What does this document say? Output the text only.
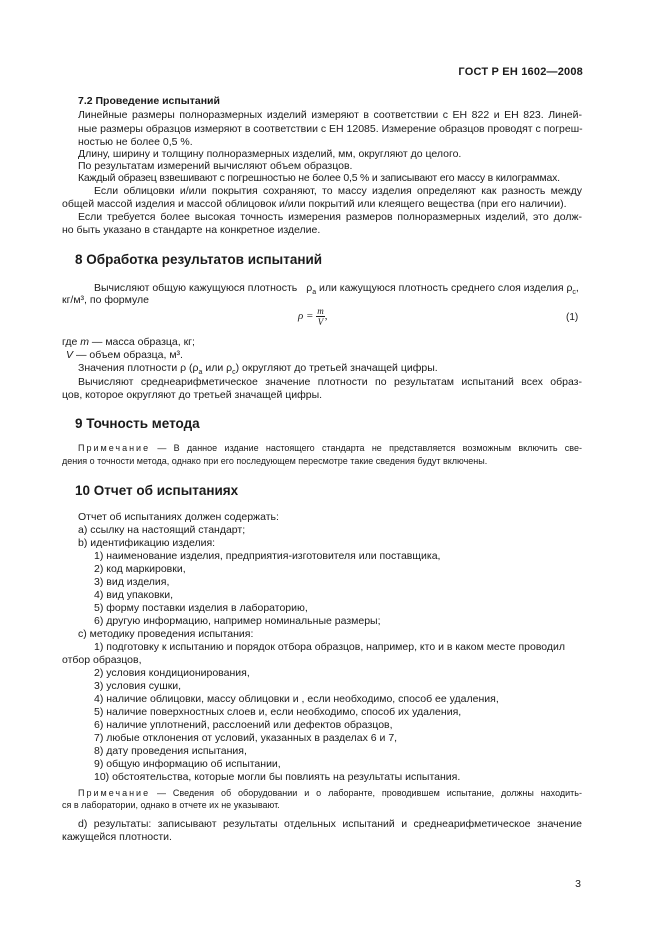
ГОСТ Р ЕН 1602—2008
7.2 Проведение испытаний
Линейные размеры полноразмерных изделий измеряют в соответствии с ЕН 822 и ЕН 823. Линей-
ные размеры образцов измеряют в соответствии с ЕН 12085. Измерение образцов проводят с погреш-
ностью не более 0,5 %.
Длину, ширину и толщину полноразмерных изделий, мм, округляют до целого.
По результатам измерений вычисляют объем образцов.
Каждый образец взвешивают с погрешностью не более 0,5 % и записывают его массу в килограммах.
Если облицовки и/или покрытия сохраняют, то массу изделия определяют как разность между
общей массой изделия и массой облицовок и/или покрытий или клеящего вещества (при его наличии).
Если требуется более высокая точность измерения размеров полноразмерных изделий, это долж-
но быть указано в стандарте на конкретное изделие.
8 Обработка результатов испытаний
Вычисляют общую кажущуюся плотность $\rho_a$ или кажущуюся плотность среднего слоя изделия $\rho_c$,
кг/м³, по формуле
$\rho = \frac{m}{V}$ ,	(1)
где m — масса образца, кг;
V — объем образца, м³.
Значения плотности ρ ($\rho_a$ или $\rho_c$) округляют до третьей значащей цифры.
Вычисляют среднеарифметическое значение плотности по результатам испытаний всех образ-
цов, которое округляют до третьей значащей цифры.
9 Точность метода
Примечание — В данное издание настоящего стандарта не представляется возможным включить све-
дения о точности метода, однако при его последующем пересмотре такие сведения будут включены.
10 Отчет об испытаниях
Отчет об испытаниях должен содержать:
a) ссылку на настоящий стандарт;
b) идентификацию изделия:
1) наименование изделия, предприятия-изготовителя или поставщика,
2) код маркировки,
3) вид изделия,
4) вид упаковки,
5) форму поставки изделия в лабораторию,
6) другую информацию, например номинальные размеры;
c) методику проведения испытания:
1) подготовку к испытанию и порядок отбора образцов, например, кто и в каком месте проводил
отбор образцов,
2) условия кондиционирования,
3) условия сушки,
4) наличие облицовки, массу облицовки и , если необходимо, способ ее удаления,
5) наличие поверхностных слоев и, если необходимо, способ их удаления,
6) наличие уплотнений, расслоений или дефектов образцов,
7) любые отклонения от условий, указанных в разделах 6 и 7,
8) дату проведения испытания,
9) общую информацию об испытании,
10) обстоятельства, которые могли бы повлиять на результаты испытания.
Примечание — Сведения об оборудовании и о лаборанте, проводившем испытание, должны находить-
ся в лаборатории, однако в отчете их не указывают.
d) результаты: записывают результаты отдельных испытаний и среднеарифметическое значение
кажущейся плотности.
3
